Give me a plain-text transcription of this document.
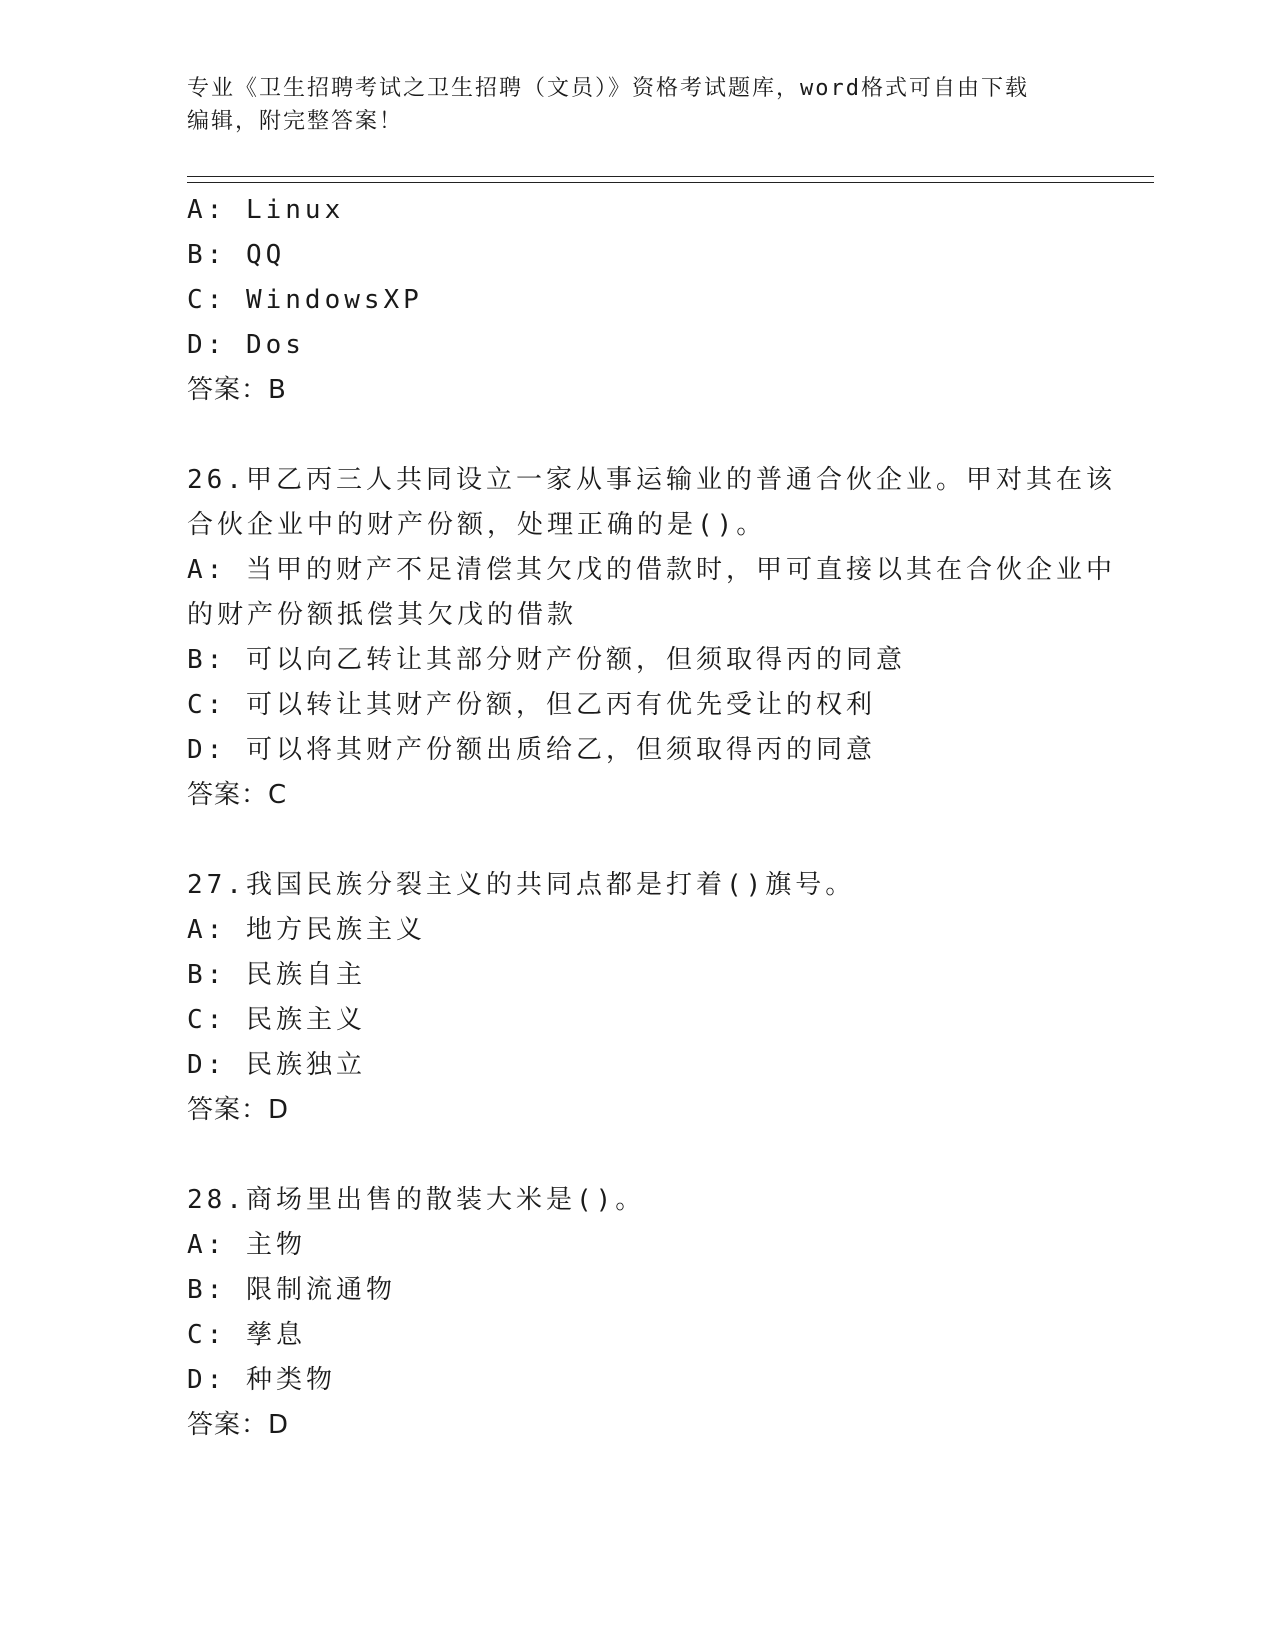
专业《卫生招聘考试之卫生招聘（文员）》资格考试题库，word格式可自由下载
编辑，附完整答案！
A: Linux
B: QQ
C: WindowsXP
D: Dos
答案：B
26.甲乙丙三人共同设立一家从事运输业的普通合伙企业。甲对其在该
合伙企业中的财产份额，处理正确的是()。
A: 当甲的财产不足清偿其欠戊的借款时，甲可直接以其在合伙企业中
的财产份额抵偿其欠戊的借款
B: 可以向乙转让其部分财产份额，但须取得丙的同意
C: 可以转让其财产份额，但乙丙有优先受让的权利
D: 可以将其财产份额出质给乙，但须取得丙的同意
答案：C
27.我国民族分裂主义的共同点都是打着()旗号。
A: 地方民族主义
B: 民族自主
C: 民族主义
D: 民族独立
答案：D
28.商场里出售的散装大米是()。
A: 主物
B: 限制流通物
C: 孳息
D: 种类物
答案：D
